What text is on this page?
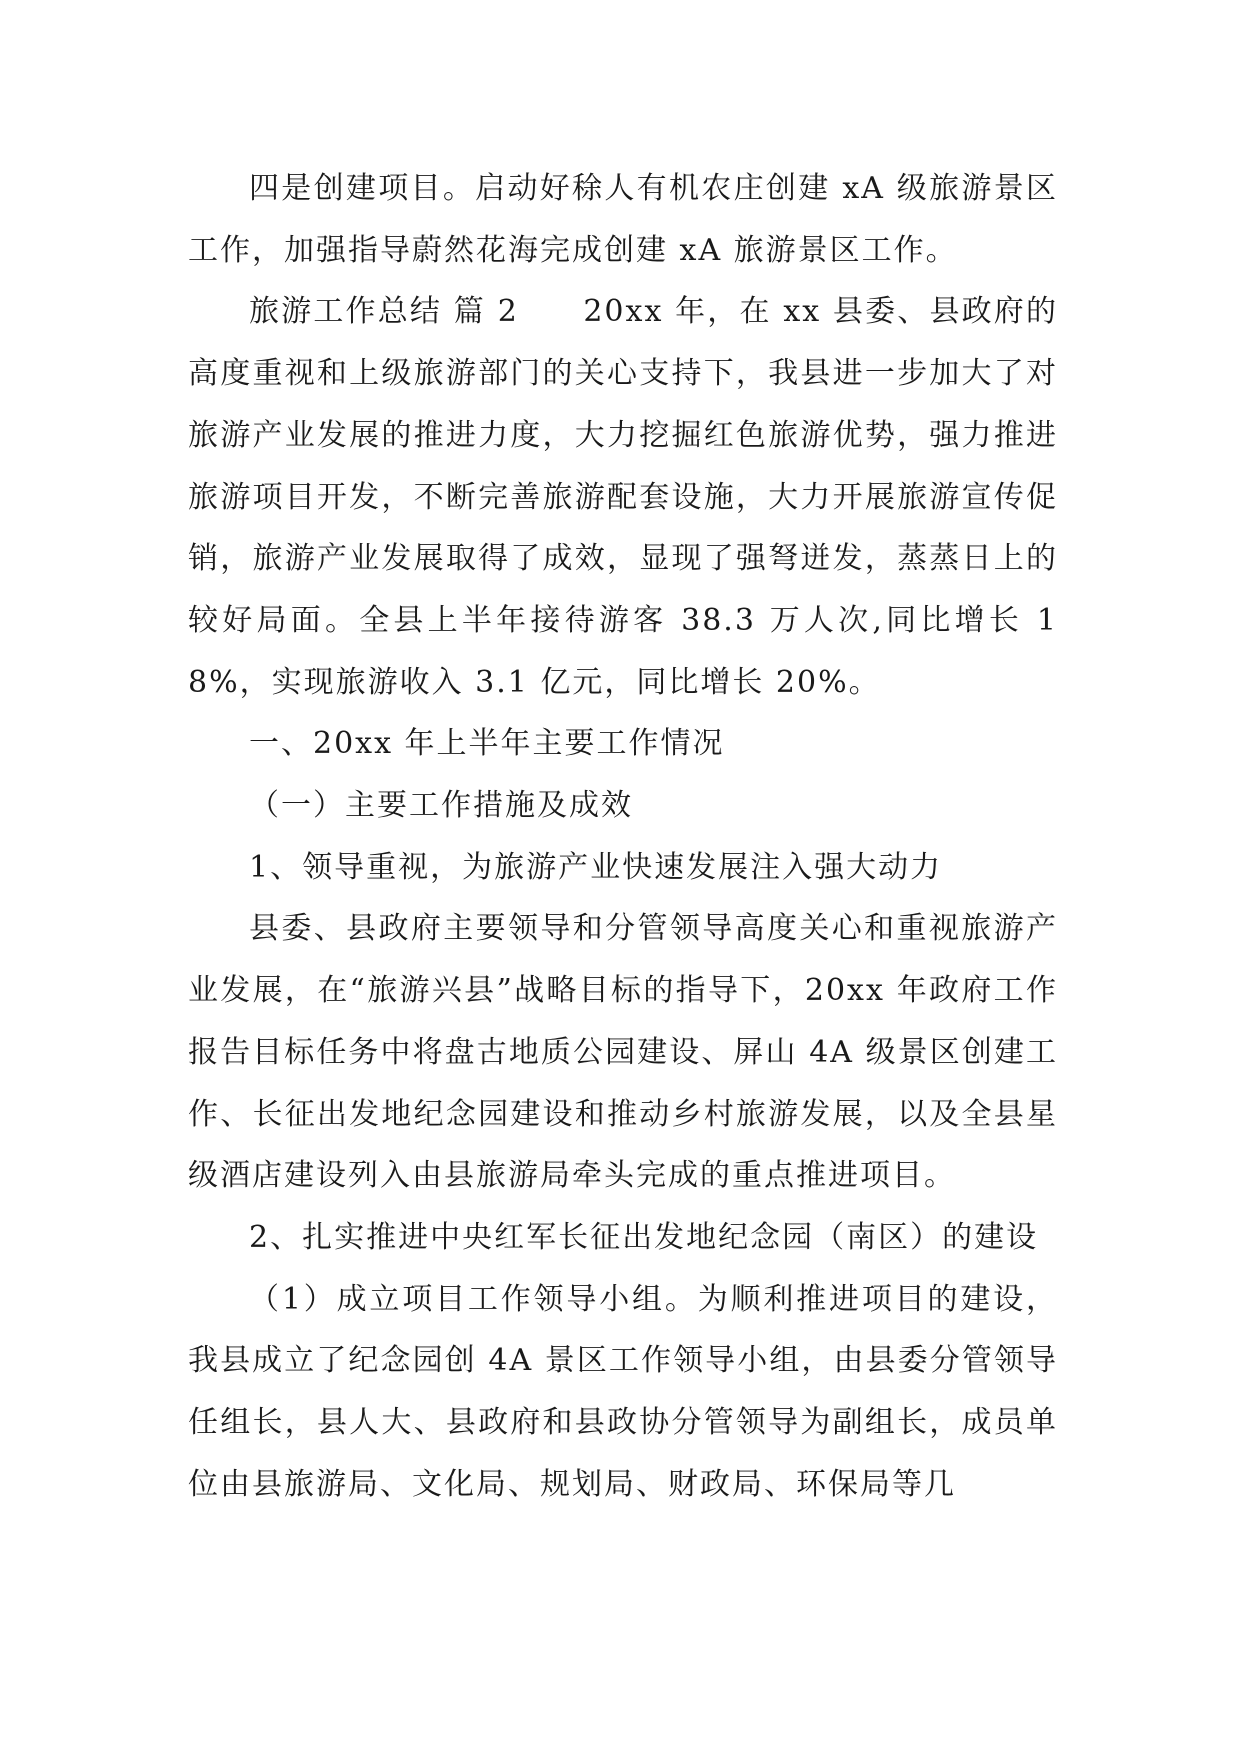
四是创建项目。启动好稌人有机农庄创建 xA 级旅游景区工作，加强指导蔚然花海完成创建 xA 旅游景区工作。

旅游工作总结 篇 2　　20xx 年，在 xx 县委、县政府的高度重视和上级旅游部门的关心支持下，我县进一步加大了对旅游产业发展的推进力度，大力挖掘红色旅游优势，强力推进旅游项目开发，不断完善旅游配套设施，大力开展旅游宣传促销，旅游产业发展取得了成效，显现了强弩迸发，蒸蒸日上的较好局面。全县上半年接待游客 38.3 万人次,同比增长 18%，实现旅游收入 3.1 亿元，同比增长 20%。

一、20xx 年上半年主要工作情况

（一）主要工作措施及成效

1、领导重视，为旅游产业快速发展注入强大动力

县委、县政府主要领导和分管领导高度关心和重视旅游产业发展，在“旅游兴县”战略目标的指导下，20xx 年政府工作报告目标任务中将盘古地质公园建设、屏山 4A 级景区创建工作、长征出发地纪念园建设和推动乡村旅游发展，以及全县星级酒店建设列入由县旅游局牵头完成的重点推进项目。

2、扎实推进中央红军长征出发地纪念园（南区）的建设

（1）成立项目工作领导小组。为顺利推进项目的建设，我县成立了纪念园创 4A 景区工作领导小组，由县委分管领导任组长，县人大、县政府和县政协分管领导为副组长，成员单位由县旅游局、文化局、规划局、财政局、环保局等几
